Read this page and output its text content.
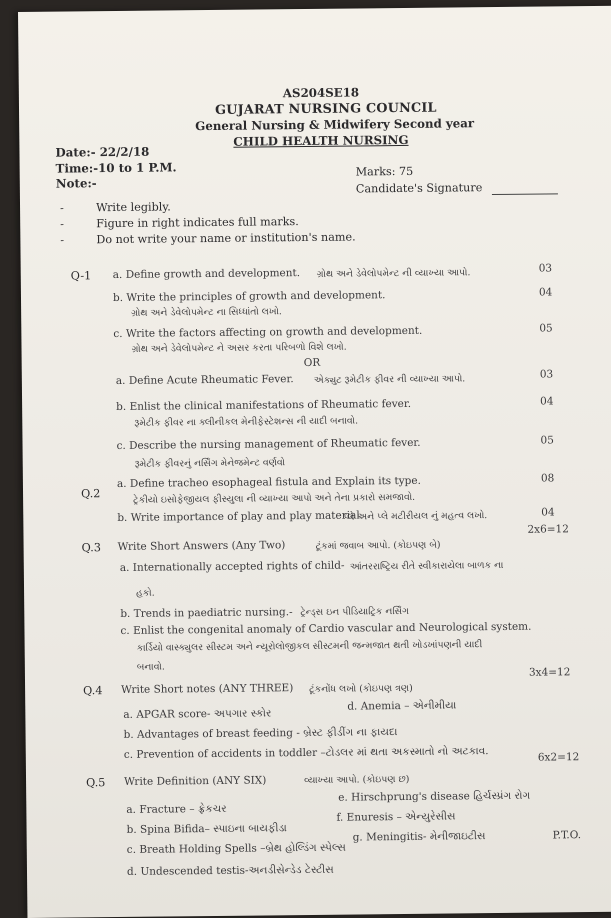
AS204SE18
GUJARAT NURSING COUNCIL
General Nursing & Midwifery Second year
CHILD HEALTH NURSING
Date:- 22/2/18
Time:-10 to 1 P.M.
Note:-
Marks: 75
Candidate's Signature
-	Write legibly.
-	Figure in right indicates full marks.
-	Do not write your name or institution's name.
Q-1 a. Define growth and development. ગ્રોથ અને ડેવેલોપમેન્ટ ની વ્યાખ્યા આપો.	03
b. Write the principles of growth and development.	04
ગ્રોથ અને ડેવેલોપમેન્ટ ના સિધ્ધાંતો લખો.
c. Write the factors affecting on growth and development.	05
ગ્રોથ અને ડેવેલોપમેન્ટ ને અસર કરતા પરિબળો વિશે લખો.
OR
a. Define Acute Rheumatic Fever. એક્યુટ રૂમેટીક ફીવર ની વ્યાખ્યા આપો.	03
b. Enlist the clinical manifestations of Rheumatic fever.	04
રૂમેટીક ફીવર ના ક્લીનીકલ મેનીફેસ્ટેશન્સ ની યાદી બનાવો.
c. Describe the nursing management of Rheumatic fever.	05
રૂમેટીક ફીવરનું નર્સિંગ મેનેજમેન્ટ વર્ણવો
Q.2
a. Define tracheo esophageal fistula and Explain its type.	08
ટ્રેકીયો ઇસોફેજીયલ ફીસ્યુલા ની વ્યાખ્યા આપો અને તેના પ્રકારો સમજાવો.
b. Write importance of play and play material.
પ્લે અને પ્લે મટીરીયલ નું મહત્વ લખો.	04
Q.3 Write Short Answers (Any Two)	ટૂંકમાં જવાબ આપો. (કોઇપણ બે)
2x6=12
a. Internationally accepted rights of child- આંતરરાષ્ટ્રિય રીતે સ્વીકારાયેલા બાળક ના
હકો.
b. Trends in paediatric nursing.- ટ્રેન્ડ્સ ઇન પીડિયાટ્રિક નર્સિંગ
c. Enlist the congenital anomaly of Cardio vascular and Neurological system.
કાર્ડિયો વાસ્ક્યુલર સીસ્ટમ અને ન્યૂરોલોજીકલ સીસ્ટમની જન્મજાત થતી ખોડખાંપણની યાદી
બનાવો.
Q.4 Write Short notes (ANY THREE) ટૂંકનોંધ લખો (કોઇપણ ત્રણ)
3x4=12
a. APGAR score- અપગાર સ્કોર
d. Anemia – એનીમીયા
b. Advantages of breast feeding - બ્રેસ્ટ ફીડીંગ ના ફાયદા
c. Prevention of accidents in toddler –ટોડલર માં થતા અકસ્માતો નો અટકાવ.
Q.5 Write Definition (ANY SIX)	વ્યાખ્યા આપો. (કોઇપણ છ)
6x2=12
a. Fracture – ફ્રેકચર
e. Hirschprung's disease હિર્ચસ્પ્રંગ રોગ
b. Spina Bifida– સ્પાઇના બાયફીડા
f. Enuresis – એન્યુરેસીસ
c. Breath Holding Spells –બ્રેથ હોલ્ડિંગ સ્પેલ્સ
g. Meningitis- મેનીજાઇટીસ
d. Undescended testis-અનડીસેન્ડેડ ટેસ્ટીસ
P.T.O.
